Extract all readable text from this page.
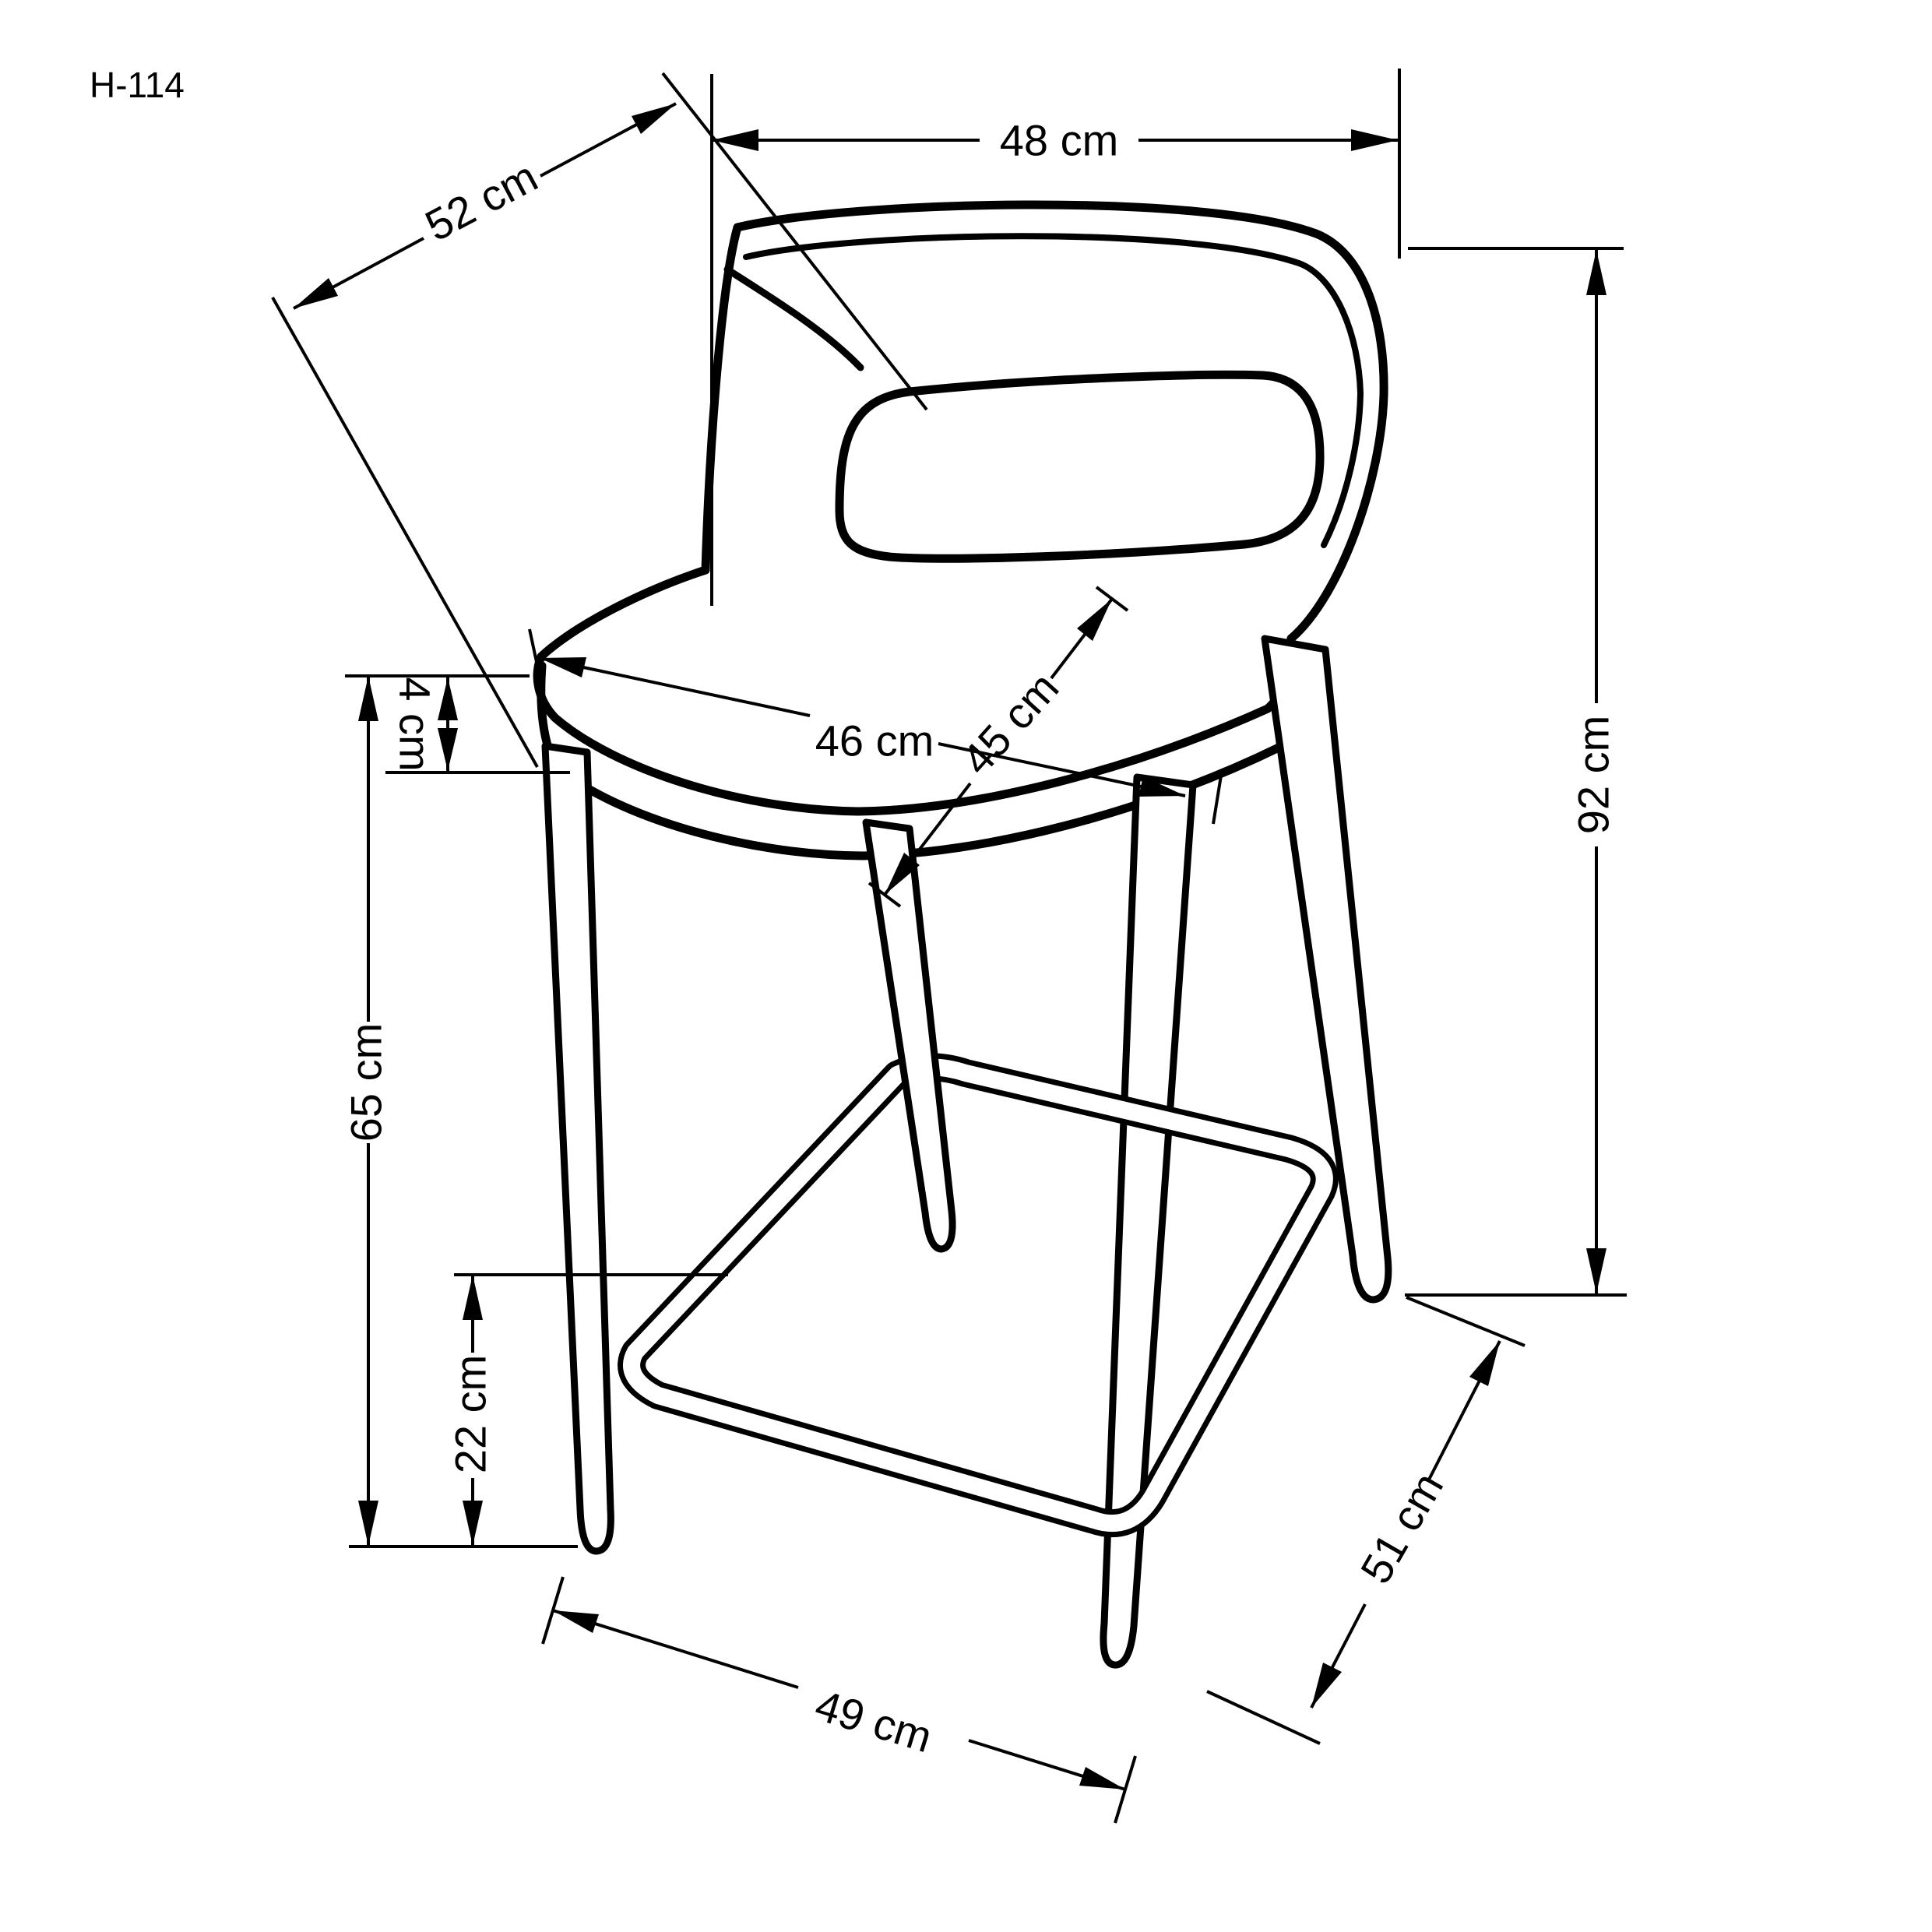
48 cm
52 cm
46 cm 45 cm
4 cm
65 cm
22 cm
49 cm
51 cm
92 cm
H-114
